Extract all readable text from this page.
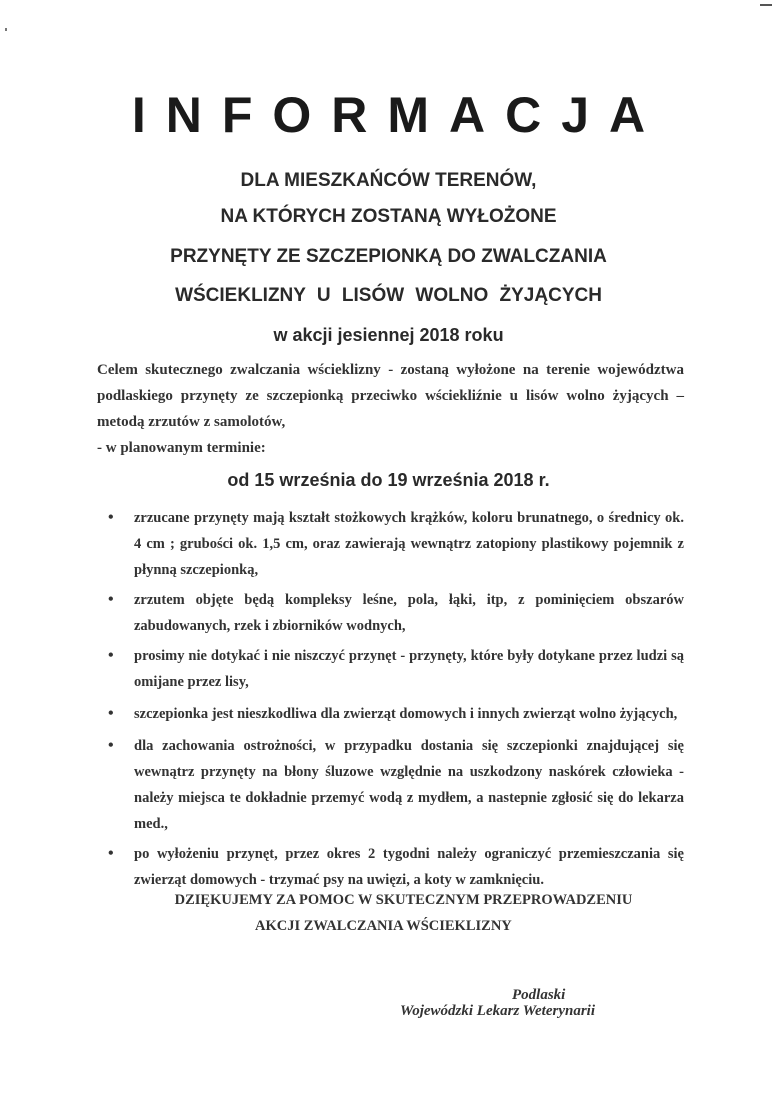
INFORMACJA
DLA MIESZKAŃCÓW TERENÓW,
NA KTÓRYCH ZOSTANĄ WYŁOŻONE
PRZYNĘTY ZE SZCZEPIONKĄ DO ZWALCZANIA
WŚCIEKLIZNY U LISÓW WOLNO ŻYJĄCYCH
w akcji jesiennej 2018 roku
Celem skutecznego zwalczania wścieklizny - zostaną wyłożone na terenie województwa podlaskiego przynęty ze szczepionką przeciwko wściekliźnie u lisów wolno żyjących – metodą zrzutów z samolotów,
- w planowanym terminie:
od 15 września do 19 września 2018 r.
• zrzucane przynęty mają kształt stożkowych krążków, koloru brunatnego, o średnicy ok. 4 cm ; grubości ok. 1,5 cm, oraz zawierają wewnątrz zatopiony plastikowy pojemnik z płynną szczepionką,
• zrzutem objęte będą kompleksy leśne, pola, łąki, itp, z pominięciem obszarów zabudowanych, rzek i zbiorników wodnych,
• prosimy nie dotykać i nie niszczyć przynęt - przynęty, które były dotykane przez ludzi są omijane przez lisy,
• szczepionka jest nieszkodliwa dla zwierząt domowych i innych zwierząt wolno żyjących,
• dla zachowania ostrożności, w przypadku dostania się szczepionki znajdującej się wewnątrz przynęty na błony śluzowe względnie na uszkodzony naskórek człowieka - należy miejsca te dokładnie przemyć wodą z mydłem, a nastepnie zgłosić się do lekarza med.,
• po wyłożeniu przynęt, przez okres 2 tygodni należy ograniczyć przemieszczania się zwierząt domowych - trzymać psy na uwięzi, a koty w zamknięciu.
DZIĘKUJEMY ZA POMOC W SKUTECZNYM PRZEPROWADZENIU
AKCJI ZWALCZANIA WŚCIEKLIZNY
Podlaski
Wojewódzki Lekarz Weterynarii
